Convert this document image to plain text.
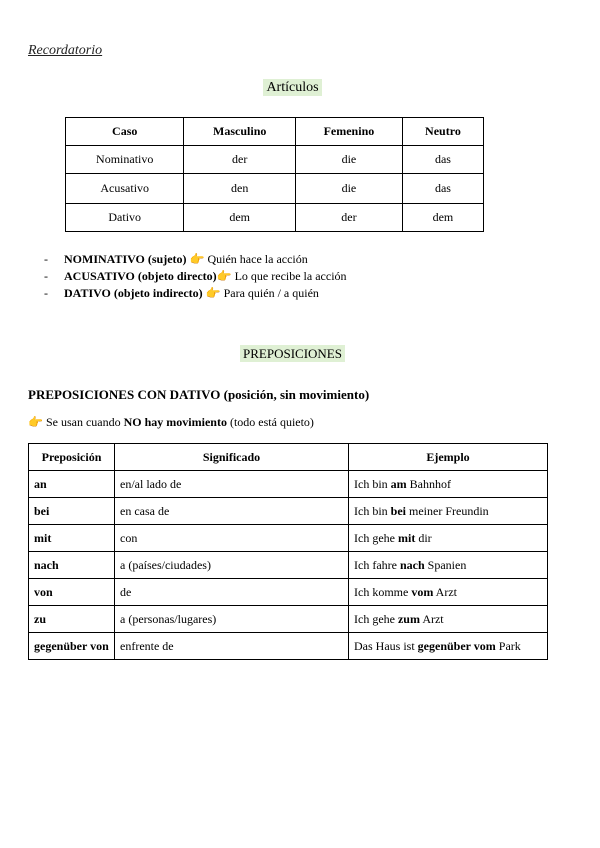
Recordatorio
Artículos
Caso	Masculino	Femenino	Neutro
Nominativo	der	die	das
Acusativo	den	die	das
Dativo	dem	der	dem
- NOMINATIVO (sujeto) 👉 Quién hace la acción
- ACUSATIVO (objeto directo)👉 Lo que recibe la acción
- DATIVO (objeto indirecto) 👉 Para quién / a quién
PREPOSICIONES
PREPOSICIONES CON DATIVO (posición, sin movimiento)
👉 Se usan cuando NO hay movimiento (todo está quieto)
Preposición	Significado	Ejemplo
an	en/al lado de	Ich bin am Bahnhof
bei	en casa de	Ich bin bei meiner Freundin
mit	con	Ich gehe mit dir
nach	a (países/ciudades)	Ich fahre nach Spanien
von	de	Ich komme vom Arzt
zu	a (personas/lugares)	Ich gehe zum Arzt
gegenüber von	enfrente de	Das Haus ist gegenüber vom Park
